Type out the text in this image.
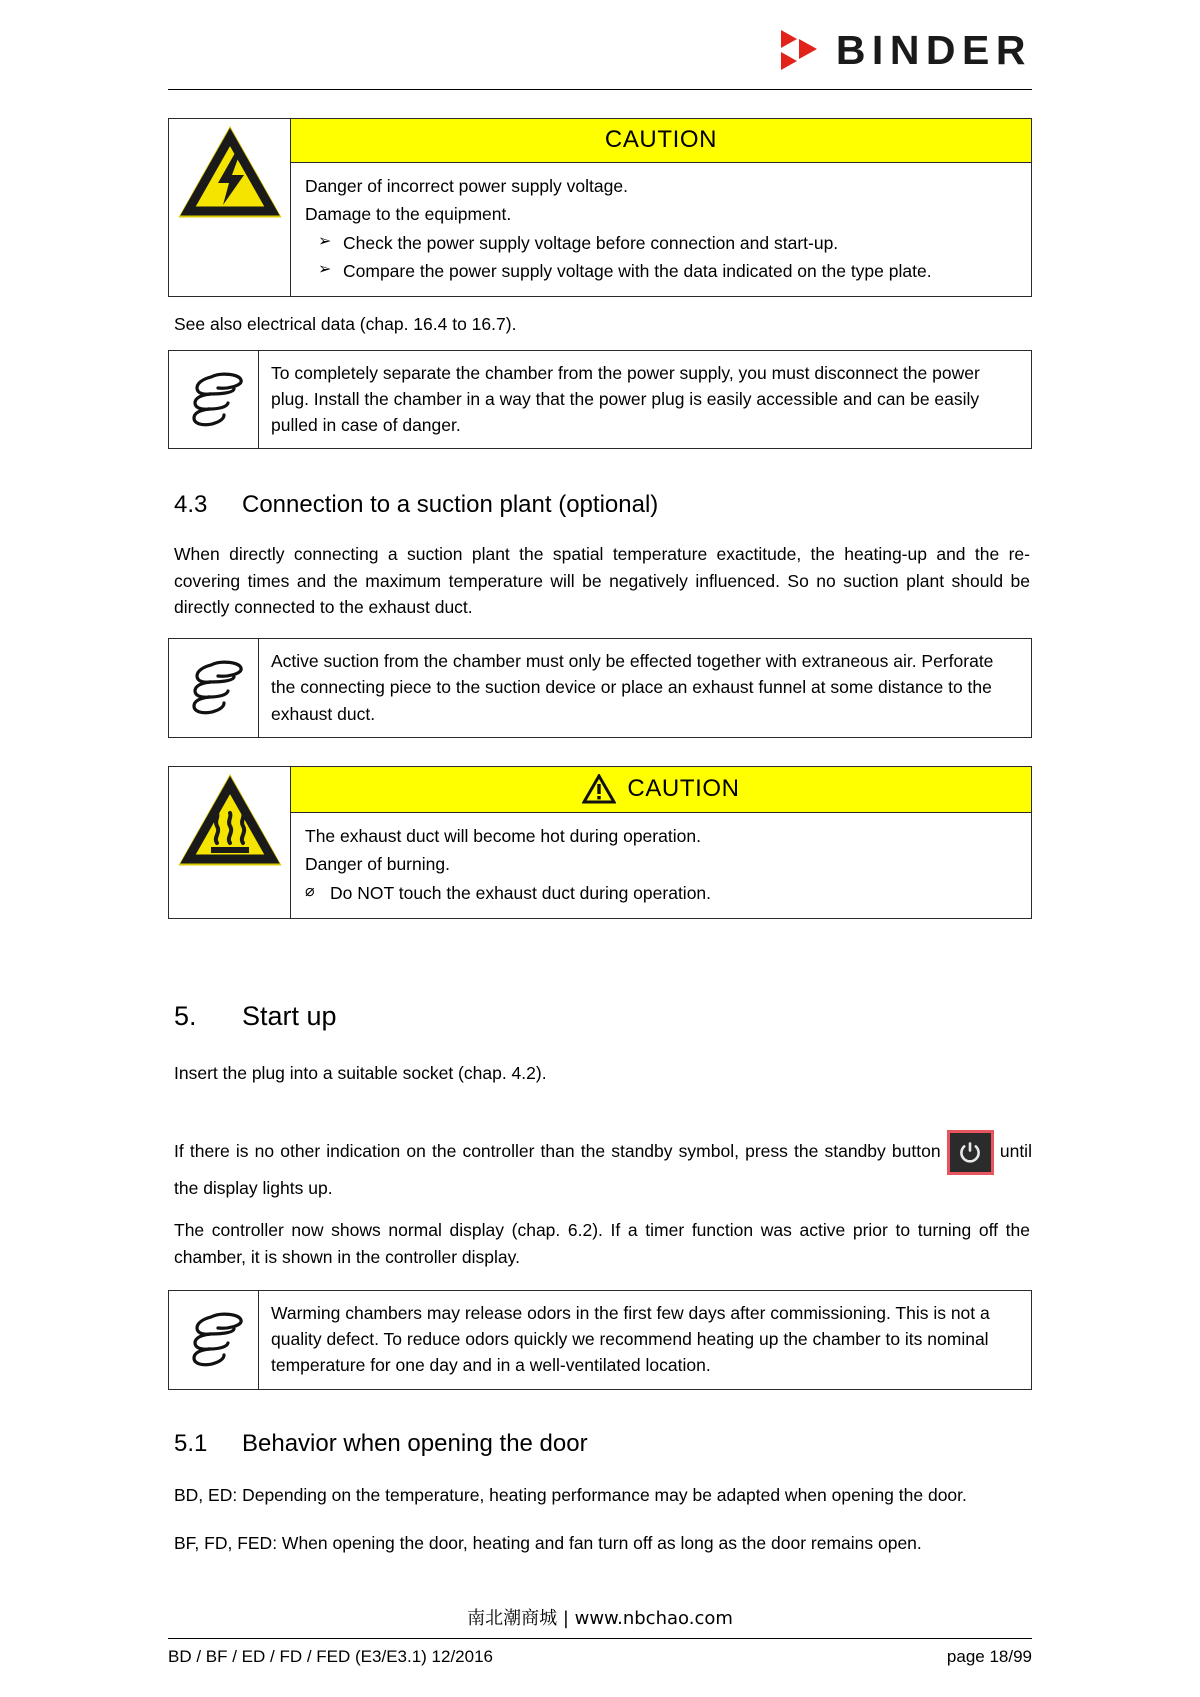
BINDER
CAUTION
Danger of incorrect power supply voltage.
Damage to the equipment.
➢ Check the power supply voltage before connection and start-up.
➢ Compare the power supply voltage with the data indicated on the type plate.

See also electrical data (chap. 16.4 to 16.7).

To completely separate the chamber from the power supply, you must disconnect the power plug. Install the chamber in a way that the power plug is easily accessible and can be easily pulled in case of danger.
4.3	Connection to a suction plant (optional)

When directly connecting a suction plant the spatial temperature exactitude, the heating-up and the re-covering times and the maximum temperature will be negatively influenced. So no suction plant should be directly connected to the exhaust duct.

Active suction from the chamber must only be effected together with extraneous air. Perforate the connecting piece to the suction device or place an exhaust funnel at some distance to the exhaust duct.
CAUTION
The exhaust duct will become hot during operation.
Danger of burning.
⌀ Do NOT touch the exhaust duct during operation.
5.	Start up

Insert the plug into a suitable socket (chap. 4.2).

If there is no other indication on the controller than the standby symbol, press the standby button	until the display lights up.

The controller now shows normal display (chap. 6.2). If a timer function was active prior to turning off the chamber, it is shown in the controller display.

Warming chambers may release odors in the first few days after commissioning. This is not a quality defect. To reduce odors quickly we recommend heating up the chamber to its nominal temperature for one day and in a well-ventilated location.
5.1	Behavior when opening the door

BD, ED: Depending on the temperature, heating performance may be adapted when opening the door.

BF, FD, FED: When opening the door, heating and fan turn off as long as the door remains open.

南北潮商城 | www.nbchao.com
BD / BF / ED / FD / FED (E3/E3.1) 12/2016	page 18/99
